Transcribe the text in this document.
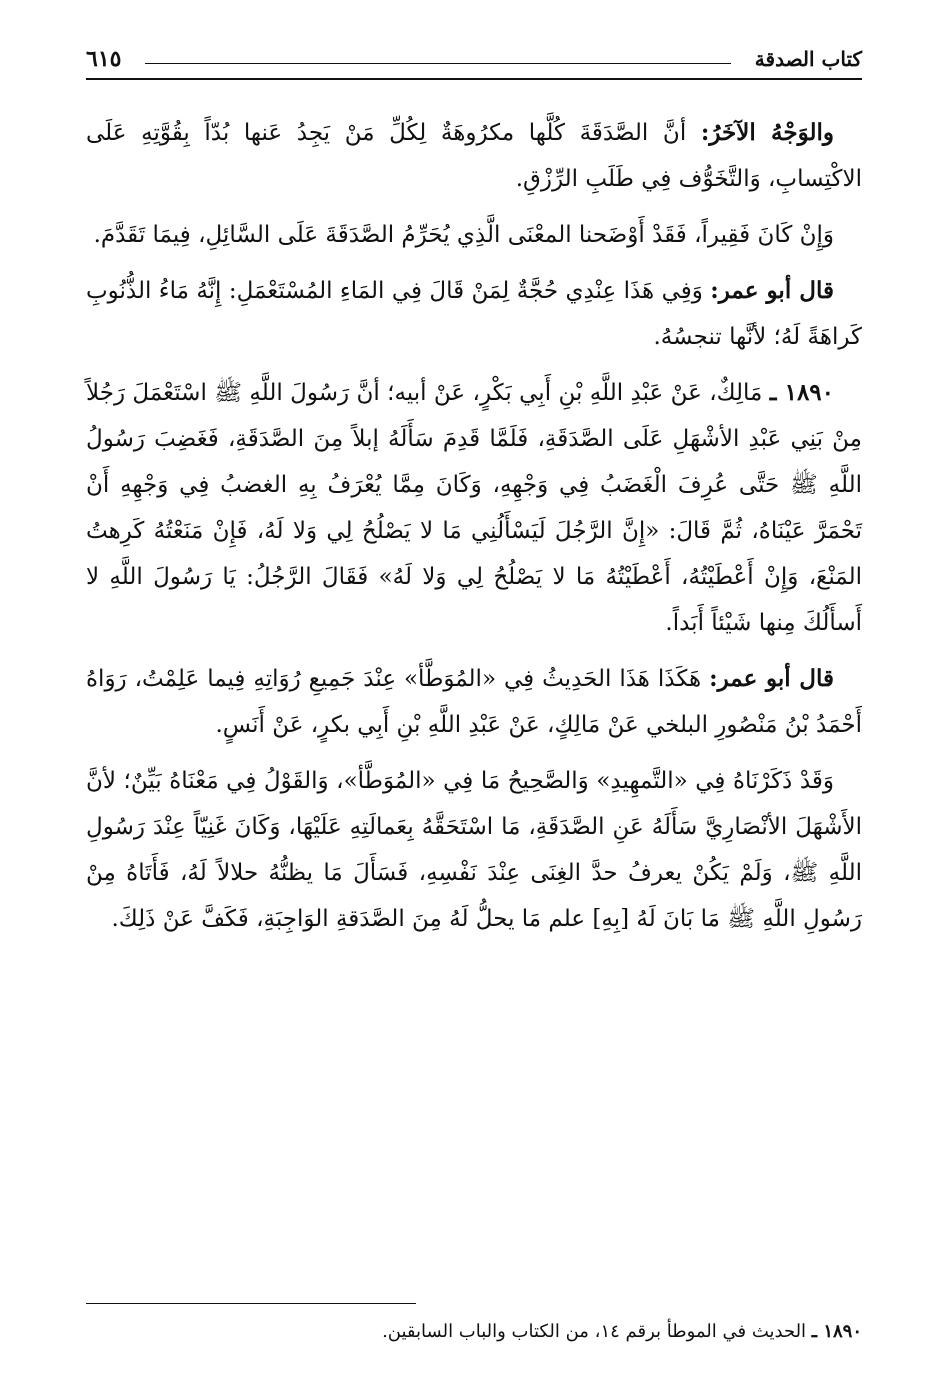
كتاب الصدقة
٦١٥

والوَجْهُ الآخَرُ: أنَّ الصَّدَقَةَ كُلَّها مكرُوهَةٌ لِكُلِّ مَنْ يَجِدُ عَنها بُدّاً بِقُوَّتِهِ عَلَى الاكْتِسابِ، وَالتَّخَوُّف فِي طَلَبِ الرِّزْقِ.

وَإِنْ كَانَ فَقِيراً، فَقَدْ أَوْضَحنا المعْنَى الَّذِي يُحَرِّمُ الصَّدَقَةَ عَلَى السَّائِلِ، فِيمَا تَقَدَّمَ.

قال أبو عمر: وَفِي هَذَا عِنْدِي حُجَّةٌ لِمَنْ قَالَ فِي المَاءِ المُسْتَعْمَلِ: إِنَّهُ مَاءُ الذُّنُوبِ كَراهَةً لَهُ؛ لأنَّها تنجسُهُ.

١٨٩٠ ـ مَالِكٌ، عَنْ عَبْدِ اللَّهِ بْنِ أَبِي بَكْرٍ، عَنْ أبيه؛ أنَّ رَسُولَ اللَّهِ ﷺ اسْتَعْمَلَ رَجُلاً مِنْ بَنِي عَبْدِ الأشْهَلِ عَلَى الصَّدَقَةِ، فَلَمَّا قَدِمَ سَأَلَهُ إبلاً مِنَ الصَّدَقَةِ، فَغَضِبَ رَسُولُ اللَّهِ ﷺ حَتَّى عُرِفَ الْغَضَبُ فِي وَجْهِهِ، وَكَانَ مِمَّا يُعْرَفُ بِهِ الغضبُ فِي وَجْهِهِ أَنْ تَحْمَرَّ عَيْنَاهُ، ثُمَّ قَالَ: «إِنَّ الرَّجُلَ لَيَسْأَلُنِي مَا لا يَصْلُحُ لِي وَلا لَهُ، فَإِنْ مَنَعْتُهُ كَرِهتُ المَنْعَ، وَإِنْ أَعْطَيْتُهُ، أَعْطَيْتُهُ مَا لا يَصْلُحُ لِي وَلا لَهُ» فَقَالَ الرَّجُلُ: يَا رَسُولَ اللَّهِ لا أَسأَلُكَ مِنها شَيْئاً أَبَداً.

قال أبو عمر: هَكَذَا هَذَا الحَدِيثُ فِي «المُوَطَّأ» عِنْدَ جَمِيعِ رُوَاتِهِ فِيما عَلِمْتُ، رَوَاهُ أَحْمَدُ بْنُ مَنْصُورِ البلخي عَنْ مَالِكٍ، عَنْ عَبْدِ اللَّهِ بْنِ أَبِي بكرٍ، عَنْ أَنَسٍ.

وَقَدْ ذَكَرْنَاهُ فِي «التَّمهِيدِ» وَالصَّحِيحُ مَا فِي «المُوَطَّأ»، وَالقَوْلُ فِي مَعْنَاهُ بَيِّنٌ؛ لأنَّ الأَشْهَلَ الأنْصَارِيَّ سَأَلَهُ عَنِ الصَّدَقَةِ، مَا اسْتَحَقَّهُ بِعَمالَتِهِ عَلَيْهَا، وَكَانَ غَنِيّاً عِنْدَ رَسُولِ اللَّهِ ﷺ، وَلَمْ يَكُنْ يعرفُ حدَّ الغِنَى عِنْدَ نَفْسِهِ، فَسَأَلَ مَا يظنُّهُ حلالاً لَهُ، فَأَتَاهُ مِنْ رَسُولِ اللَّهِ ﷺ مَا بَانَ لَهُ [بِهِ] علم مَا يحلُّ لَهُ مِنَ الصَّدَقةِ الوَاجِبَةِ، فَكَفَّ عَنْ ذَلِكَ.

١٨٩٠ ـ الحديث في الموطأ برقم ١٤، من الكتاب والباب السابقين.
